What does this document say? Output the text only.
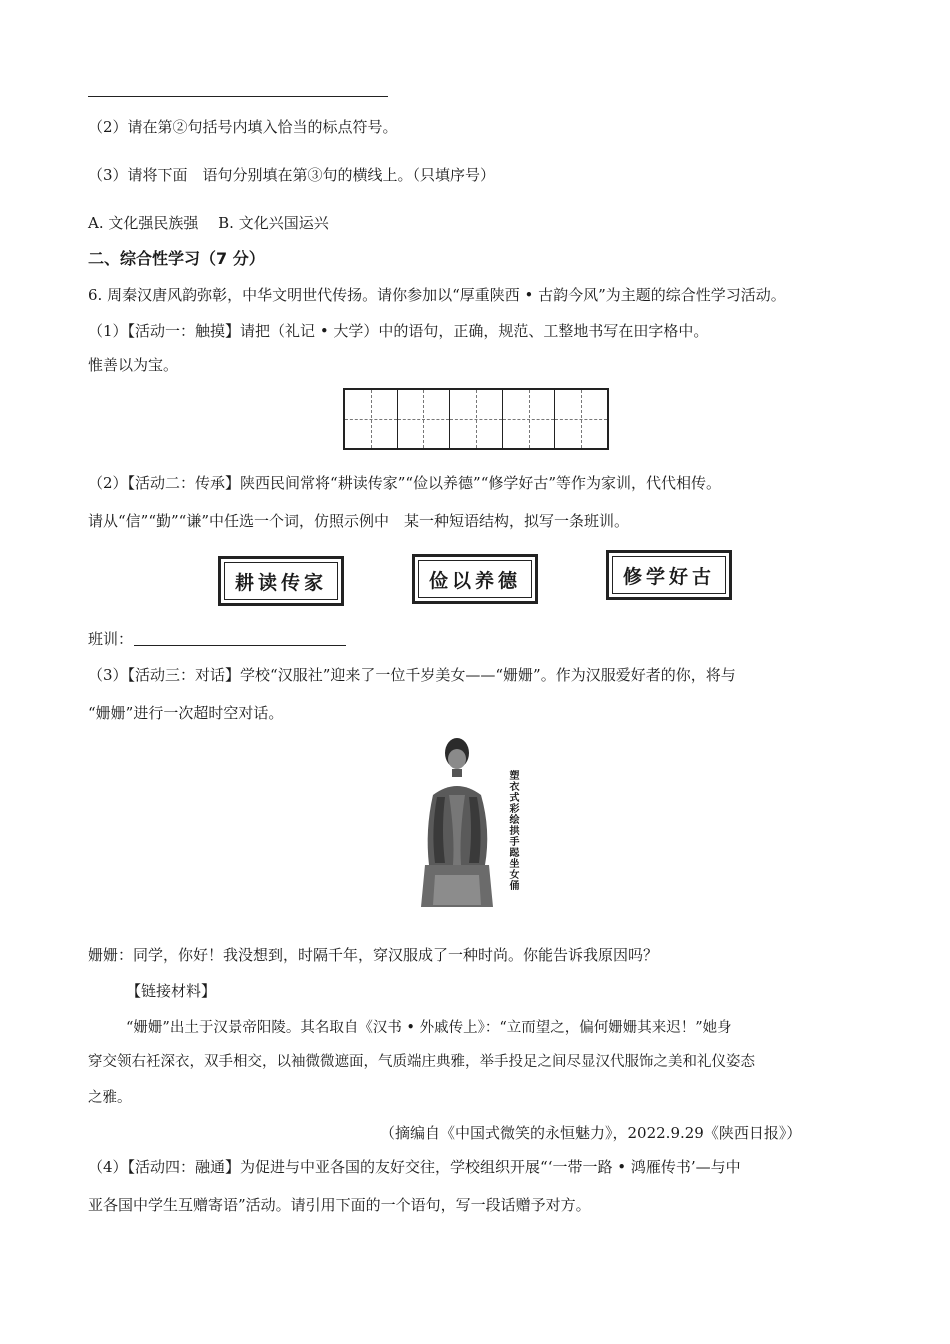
（2）请在第②句括号内填入恰当的标点符号。
（3）请将下面　语句分别填在第③句的横线上。（只填序号）
A. 文化强民族强　 B. 文化兴国运兴
二、综合性学习（7 分）
6. 周秦汉唐风韵弥彰，中华文明世代传扬。请你参加以“厚重陕西 • 古韵今风”为主题的综合性学习活动。
（1）【活动一：触摸】请把（礼记 • 大学）中的语句，正确，规范、工整地书写在田字格中。
惟善以为宝。
（2）【活动二：传承】陕西民间常将“耕读传家”“俭以养德”“修学好古”等作为家训，代代相传。
请从“信”“勤”“谦”中任选一个词，仿照示例中　某一种短语结构，拟写一条班训。
耕读传家	俭以养德	修学好古
班训：
（3）【活动三：对话】学校“汉服社”迎来了一位千岁美女——“姗姗”。作为汉服爱好者的你，将与
“姗姗”进行一次超时空对话。
塑衣式彩绘拱手跽坐女俑
姗姗：同学，你好！我没想到，时隔千年，穿汉服成了一种时尚。你能告诉我原因吗？
【链接材料】
“姗姗”出土于汉景帝阳陵。其名取自《汉书 • 外戚传上》：“立而望之，偏何姗姗其来迟！”她身
穿交领右衽深衣，双手相交，以袖微微遮面，气质端庄典雅，举手投足之间尽显汉代服饰之美和礼仪姿态
之雅。
（摘编自《中国式微笑的永恒魅力》，2022.9.29《陕西日报》）
（4）【活动四：融通】为促进与中亚各国的友好交往，学校组织开展“‘一带一路 • 鸿雁传书’—与中
亚各国中学生互赠寄语”活动。请引用下面的一个语句，写一段话赠予对方。
